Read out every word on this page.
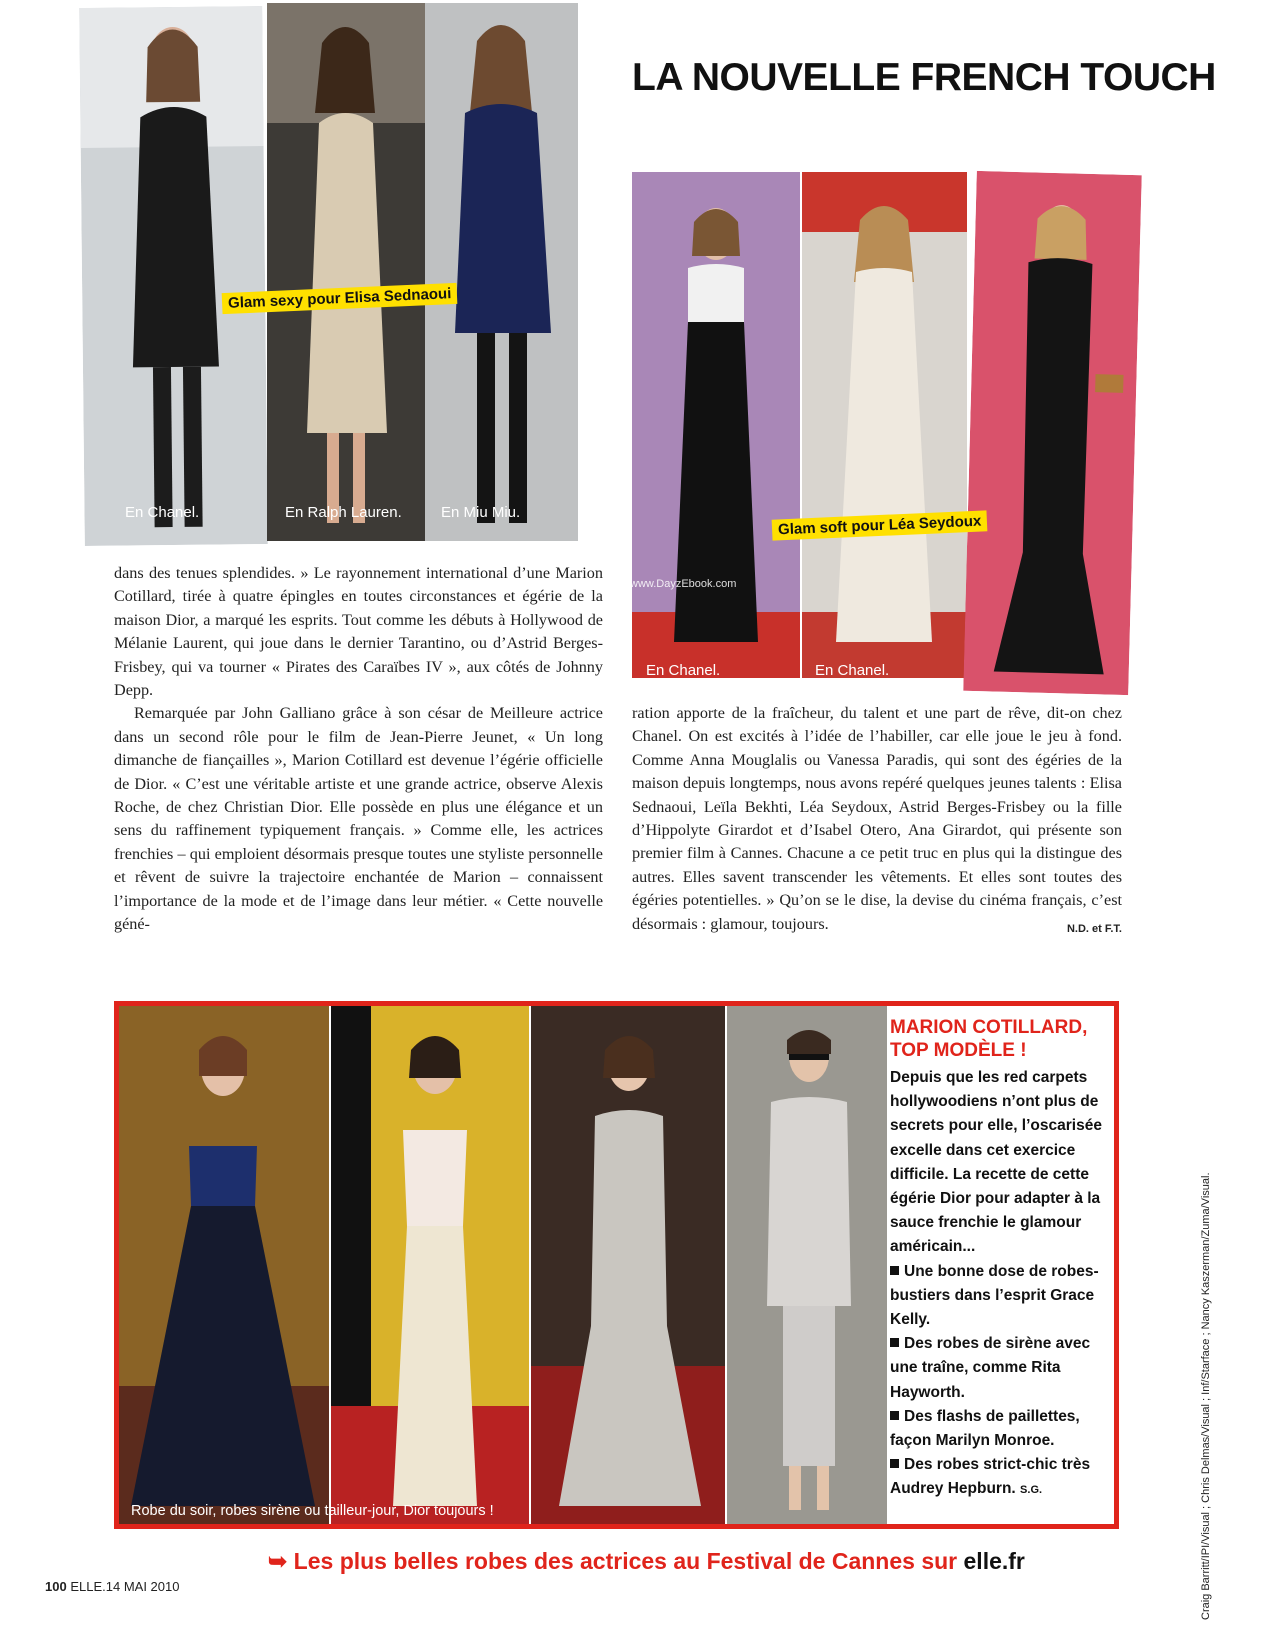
En Chanel.	En Ralph Lauren.	En Miu Miu.
Glam sexy pour Elisa Sednaoui
LA NOUVELLE FRENCH TOUCH
En Chanel.	En Chanel.
Glam soft pour Léa Seydoux
www.DayzEbook.com

dans des tenues splendides. » Le rayonnement international d’une Marion Cotillard, tirée à quatre épingles en toutes circonstances et égérie de la maison Dior, a marqué les esprits. Tout comme les débuts à Hollywood de Mélanie Laurent, qui joue dans le dernier Tarantino, ou d’Astrid Berges-Frisbey, qui va tourner « Pirates des Caraïbes IV », aux côtés de Johnny Depp.

Remarquée par John Galliano grâce à son césar de Meilleure actrice dans un second rôle pour le film de Jean-Pierre Jeunet, « Un long dimanche de fiançailles », Marion Cotillard est devenue l’égérie officielle de Dior. « C’est une véritable artiste et une grande actrice, observe Alexis Roche, de chez Christian Dior. Elle possède en plus une élégance et un sens du raffinement typiquement français. » Comme elle, les actrices frenchies – qui emploient désormais presque toutes une styliste personnelle et rêvent de suivre la trajectoire enchantée de Marion – connaissent l’importance de la mode et de l’image dans leur métier. « Cette nouvelle géné-

ration apporte de la fraîcheur, du talent et une part de rêve, dit-on chez Chanel. On est excités à l’idée de l’habiller, car elle joue le jeu à fond. Comme Anna Mouglalis ou Vanessa Paradis, qui sont des égéries de la maison depuis longtemps, nous avons repéré quelques jeunes talents : Elisa Sednaoui, Leïla Bekhti, Léa Seydoux, Astrid Berges-Frisbey ou la fille d’Hippolyte Girardot et d’Isabel Otero, Ana Girardot, qui présente son premier film à Cannes. Chacune a ce petit truc en plus qui la distingue des autres. Elles savent transcender les vêtements. Et elles sont toutes des égéries potentielles. » Qu’on se le dise, la devise du cinéma français, c’est désormais : glamour, toujours.	N.D. et F.T.

Robe du soir, robes sirène ou tailleur-jour, Dior toujours !
MARION COTILLARD, TOP MODÈLE !
Depuis que les red carpets hollywoodiens n’ont plus de secrets pour elle, l’oscarisée excelle dans cet exercice difficile. La recette de cette égérie Dior pour adapter à la sauce frenchie le glamour américain...
Une bonne dose de robes-bustiers dans l’esprit Grace Kelly.
Des robes de sirène avec une traîne, comme Rita Hayworth.
Des flashs de paillettes, façon Marilyn Monroe.
Des robes strict-chic très Audrey Hepburn. S.G.	Craig Barritt/IPI/Visual ; Chris Delmas/Visual ; Inf/Starface ; Nancy Kaszerman/Zuma/Visual.
➥ Les plus belles robes des actrices au Festival de Cannes sur elle.fr
100 ELLE.14 MAI 2010
